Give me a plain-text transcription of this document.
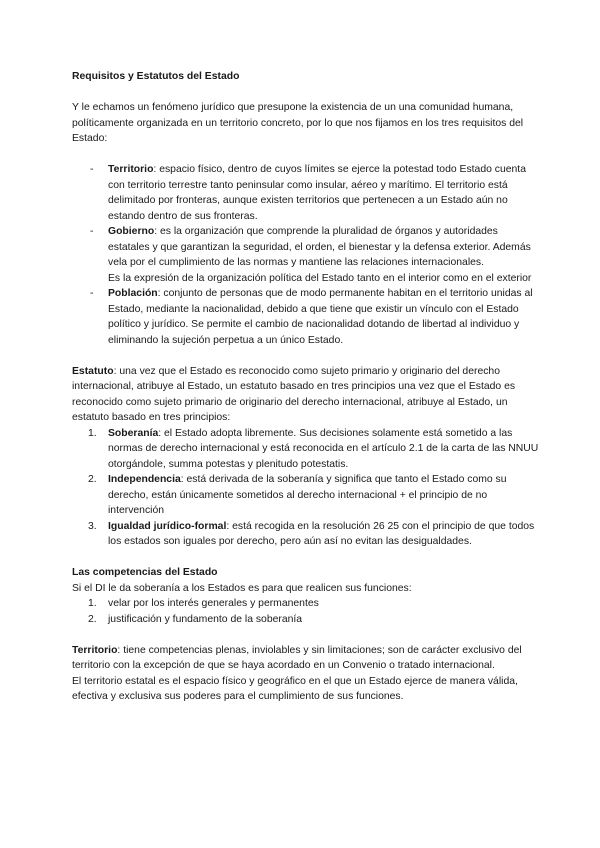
Requisitos y Estatutos del Estado

Y le echamos un fenómeno jurídico que presupone la existencia de un una comunidad humana, políticamente organizada en un territorio concreto, por lo que nos fijamos en los tres requisitos del Estado:

- Territorio: espacio físico, dentro de cuyos límites se ejerce la potestad todo Estado cuenta con territorio terrestre tanto peninsular como insular, aéreo y marítimo. El territorio está delimitado por fronteras, aunque existen territorios que pertenecen a un Estado aún no estando dentro de sus fronteras.
- Gobierno: es la organización que comprende la pluralidad de órganos y autoridades estatales y que garantizan la seguridad, el orden, el bienestar y la defensa exterior. Además vela por el cumplimiento de las normas y mantiene las relaciones internacionales.
Es la expresión de la organización política del Estado tanto en el interior como en el exterior
- Población: conjunto de personas que de modo permanente habitan en el territorio unidas al Estado, mediante la nacionalidad, debido a que tiene que existir un vínculo con el Estado político y jurídico. Se permite el cambio de nacionalidad dotando de libertad al individuo y eliminando la sujeción perpetua a un único Estado.

Estatuto: una vez que el Estado es reconocido como sujeto primario y originario del derecho internacional, atribuye al Estado, un estatuto basado en tres principios una vez que el Estado es reconocido como sujeto primario de originario del derecho internacional, atribuye al Estado, un estatuto basado en tres principios:

1. Soberanía: el Estado adopta libremente. Sus decisiones solamente está sometido a las normas de derecho internacional y está reconocida en el artículo 2.1 de la carta de las NNUU otorgándole, summa potestas y plenitudo potestatis.
2. Independencia: está derivada de la soberanía y significa que tanto el Estado como su derecho, están únicamente sometidos al derecho internacional + el principio de no intervención
3. Igualdad jurídico-formal: está recogida en la resolución 26 25 con el principio de que todos los estados son iguales por derecho, pero aún así no evitan las desigualdades.

Las competencias del Estado

Si el DI le da soberanía a los Estados es para que realicen sus funciones:

1. velar por los interés generales y permanentes
2. justificación y fundamento de la soberanía

Territorio: tiene competencias plenas, inviolables y sin limitaciones; son de carácter exclusivo del territorio con la excepción de que se haya acordado en un Convenio o tratado internacional.

El territorio estatal es el espacio físico y geográfico en el que un Estado ejerce de manera válida, efectiva y exclusiva sus poderes para el cumplimiento de sus funciones.
